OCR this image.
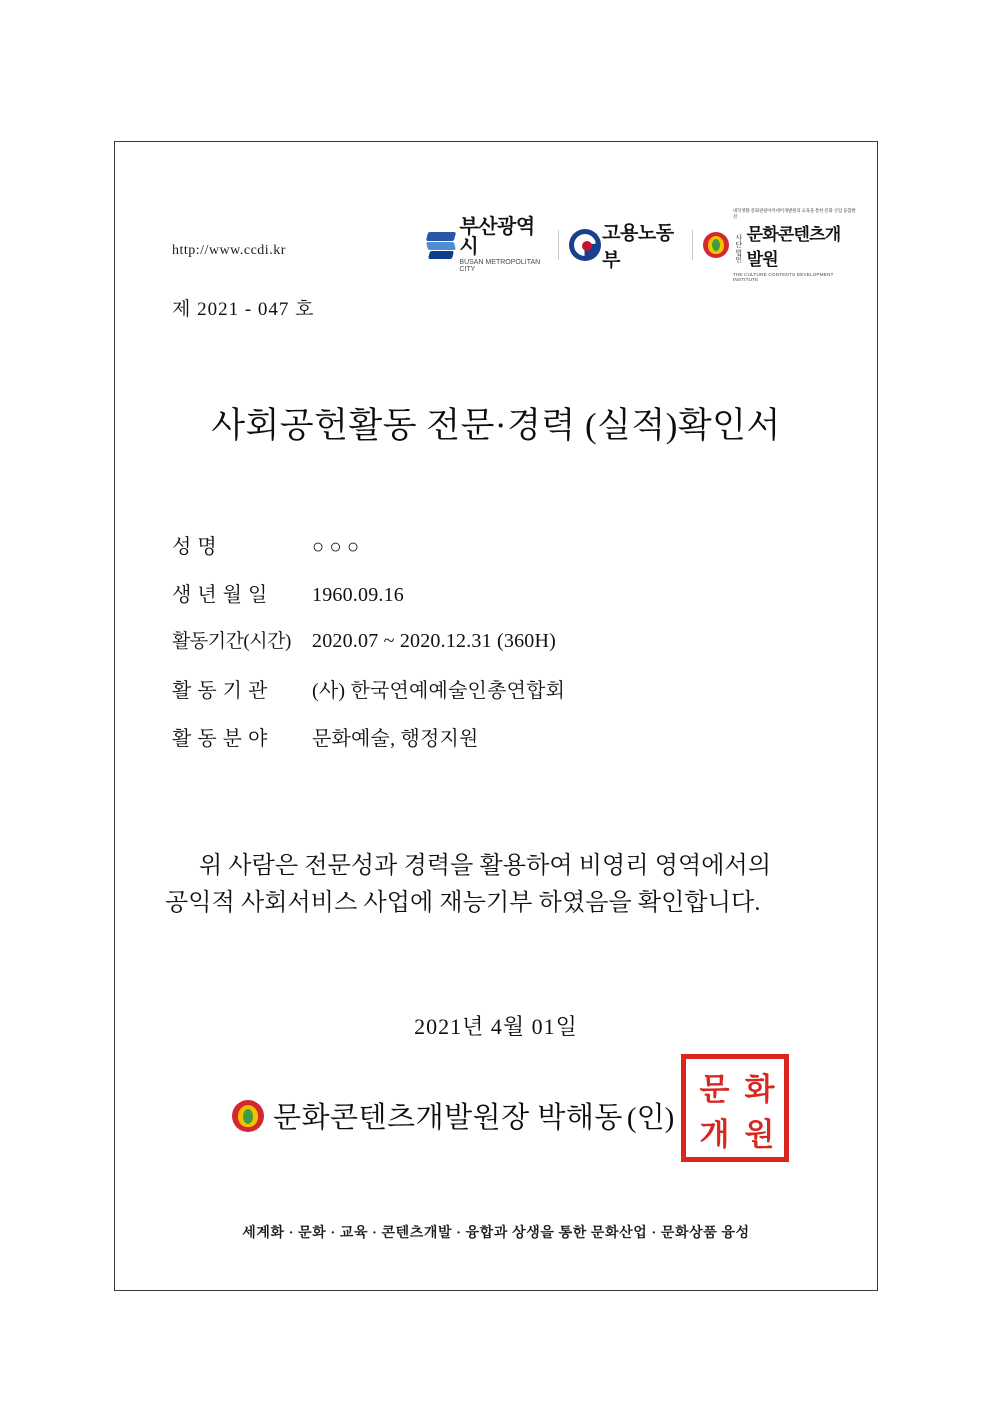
http://www.ccdi.kr
부산광역시
BUSAN METROPOLITAN CITY
고용노동부
대학생활·문화관광아카데미개발원의 교육을 통한 문화 산업 융합발전
사단
법인
문화콘텐츠개발원
THE CULTURE CONTENTS DEVELOPMENT INSTITUTE
제 2021 - 047 호
사회공헌활동 전문·경력 (실적)확인서
성 명	○ ○ ○
생 년 월 일	1960.09.16
활동기간(시간)	2020.07 ~ 2020.12.31 (360H)
활 동 기 관	(사) 한국연예예술인총연합회
활 동 분 야	문화예술, 행정지원
위 사람은 전문성과 경력을 활용하여 비영리 영역에서의
공익적 사회서비스 사업에 재능기부 하였음을 확인합니다.
2021년 4월 01일
문화콘텐츠개발원장 박해동 (인)
문 화
개 원
세계화 · 문화 · 교육 · 콘텐츠개발 · 융합과 상생을 통한 문화산업 · 문화상품 융성
